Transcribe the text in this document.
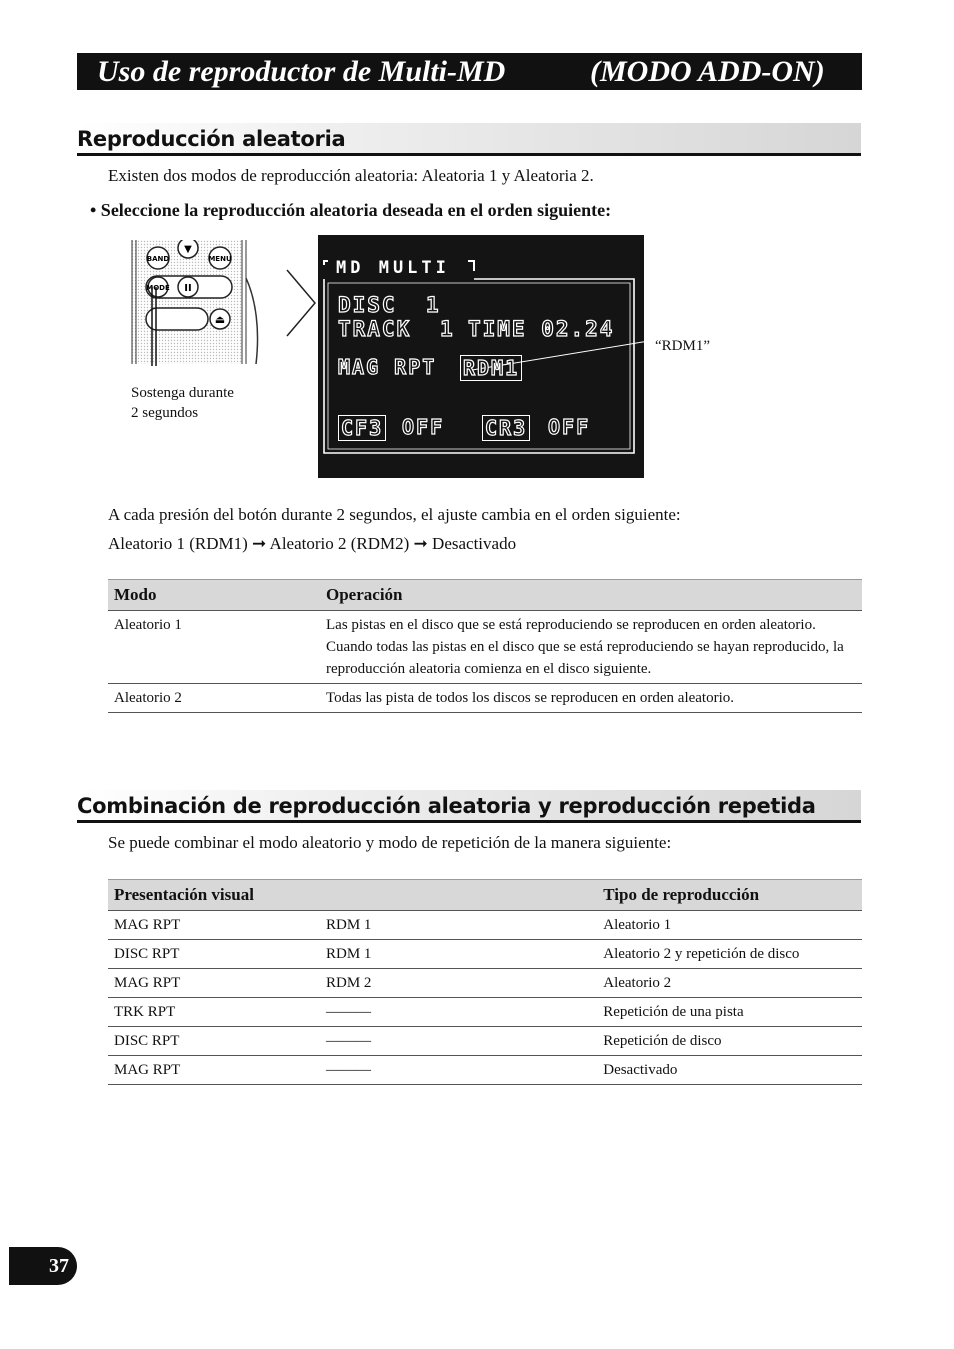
Uso de reproductor de Multi-MD	(MODO ADD-ON)
Reproducción aleatoria
Existen dos modos de reproducción aleatoria: Aleatoria 1 y Aleatoria 2.
• Seleccione la reproducción aleatoria deseada en el orden siguiente:
BAND
▼
MENU
MODE II
⏏
Sostenga durante
2 segundos
MD MULTI
DISC  1
TRACK 1 TIME 02.24
MAG RPT RDM1
CF3 OFF CR3 OFF
“RDM1”
A cada presión del botón durante 2 segundos, el ajuste cambia en el orden siguiente:
Aleatorio 1 (RDM1) ➞ Aleatorio 2 (RDM2) ➞ Desactivado
Modo	Operación
Aleatorio 1	Las pistas en el disco que se está reproduciendo se reproducen en orden aleatorio. Cuando todas las pistas en el disco que se está reproduciendo se hayan reproducido, la reproducción aleatoria comienza en el disco siguiente.
Aleatorio 2	Todas las pista de todos los discos se reproducen en orden aleatorio.
Combinación de reproducción aleatoria y reproducción repetida
Se puede combinar el modo aleatorio y modo de repetición de la manera siguiente:
Presentación visual		Tipo de reproducción
MAG RPT	RDM 1	Aleatorio 1
DISC RPT	RDM 1	Aleatorio 2 y repetición de disco
MAG RPT	RDM 2	Aleatorio 2
TRK RPT	———	Repetición de una pista
DISC RPT	———	Repetición de disco
MAG RPT	———	Desactivado
37
